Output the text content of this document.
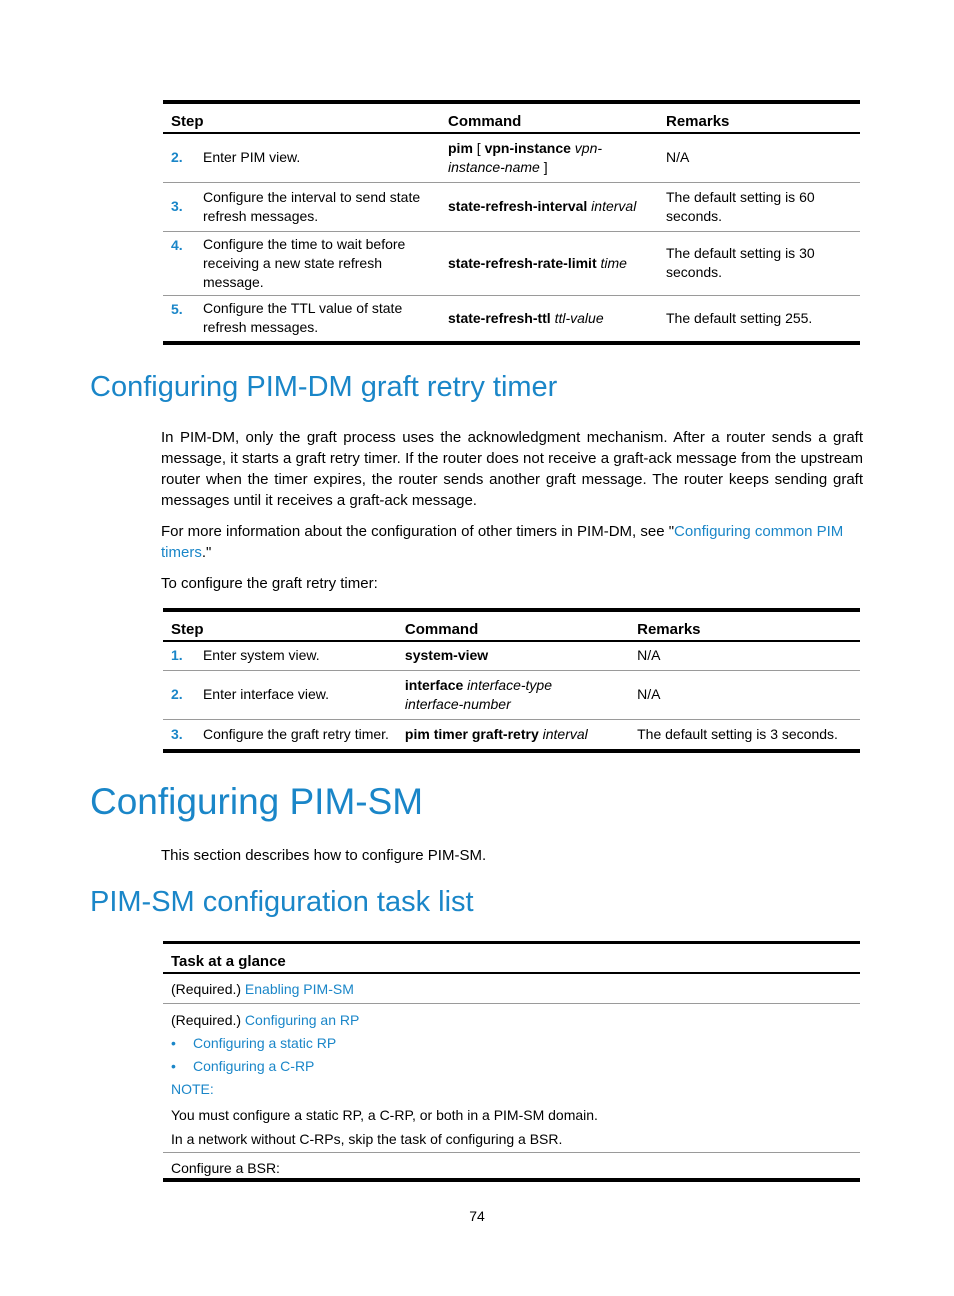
Step		Command	Remarks
2.	Enter PIM view.	pim [ vpn-instance vpn-instance-name ]	N/A
3.	Configure the interval to send state refresh messages.	state-refresh-interval interval	The default setting is 60 seconds.
4.	Configure the time to wait before receiving a new state refresh message.	state-refresh-rate-limit time	The default setting is 30 seconds.
5.	Configure the TTL value of state refresh messages.	state-refresh-ttl ttl-value	The default setting 255.
Configuring PIM-DM graft retry timer
In PIM-DM, only the graft process uses the acknowledgment mechanism. After a router sends a graft message, it starts a graft retry timer. If the router does not receive a graft-ack message from the upstream router when the timer expires, the router sends another graft message. The router keeps sending graft messages until it receives a graft-ack message.
For more information about the configuration of other timers in PIM-DM, see "Configuring common PIM timers."
To configure the graft retry timer:
Step		Command	Remarks
1.	Enter system view.	system-view	N/A
2.	Enter interface view.	interface interface-type interface-number	N/A
3.	Configure the graft retry timer.	pim timer graft-retry interval	The default setting is 3 seconds.
Configuring PIM-SM
This section describes how to configure PIM-SM.
PIM-SM configuration task list
Task at a glance
(Required.) Enabling PIM-SM
(Required.) Configuring an RP
• Configuring a static RP
• Configuring a C-RP
NOTE:
You must configure a static RP, a C-RP, or both in a PIM-SM domain.
In a network without C-RPs, skip the task of configuring a BSR.
Configure a BSR:
74
